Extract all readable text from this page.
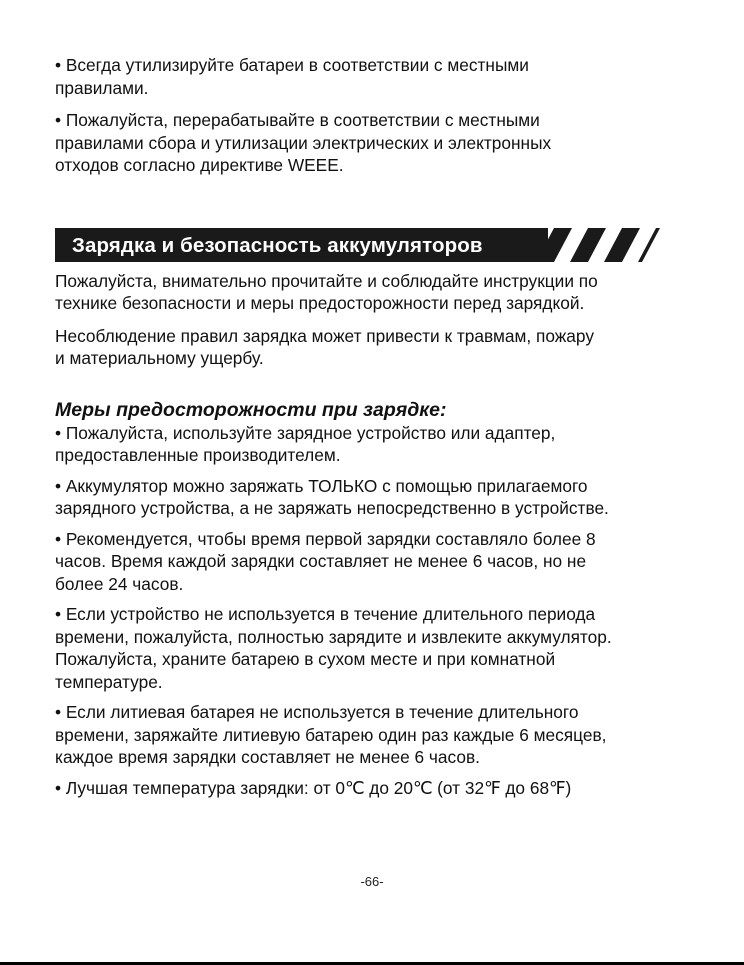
• Всегда утилизируйте батареи в соответствии с местными
правилами.

• Пожалуйста, перерабатывайте в соответствии с местными
правилами сбора и утилизации электрических и электронных
отходов согласно директиве WEEE.

Зарядка и безопасность аккумуляторов

Пожалуйста, внимательно прочитайте и соблюдайте инструкции по
технике безопасности и меры предосторожности перед зарядкой.

Несоблюдение правил зарядка может привести к травмам, пожару
и материальному ущербу.

Меры предосторожности при зарядке:

• Пожалуйста, используйте зарядное устройство или адаптер,
предоставленные производителем.

• Аккумулятор можно заряжать ТОЛЬКО с помощью прилагаемого
зарядного устройства, а не заряжать непосредственно в устройстве.

• Рекомендуется, чтобы время первой зарядки составляло более 8
часов. Время каждой зарядки составляет не менее 6 часов, но не
более 24 часов.

• Если устройство не используется в течение длительного периода
времени, пожалуйста, полностью зарядите и извлеките аккумулятор.
Пожалуйста, храните батарею в сухом месте и при комнатной
температуре.

• Если литиевая батарея не используется в течение длительного
времени, заряжайте литиевую батарею один раз каждые 6 месяцев,
каждое время зарядки составляет не менее 6 часов.

• Лучшая температура зарядки: от 0℃ до 20℃ (от 32℉ до 68℉)

-66-
